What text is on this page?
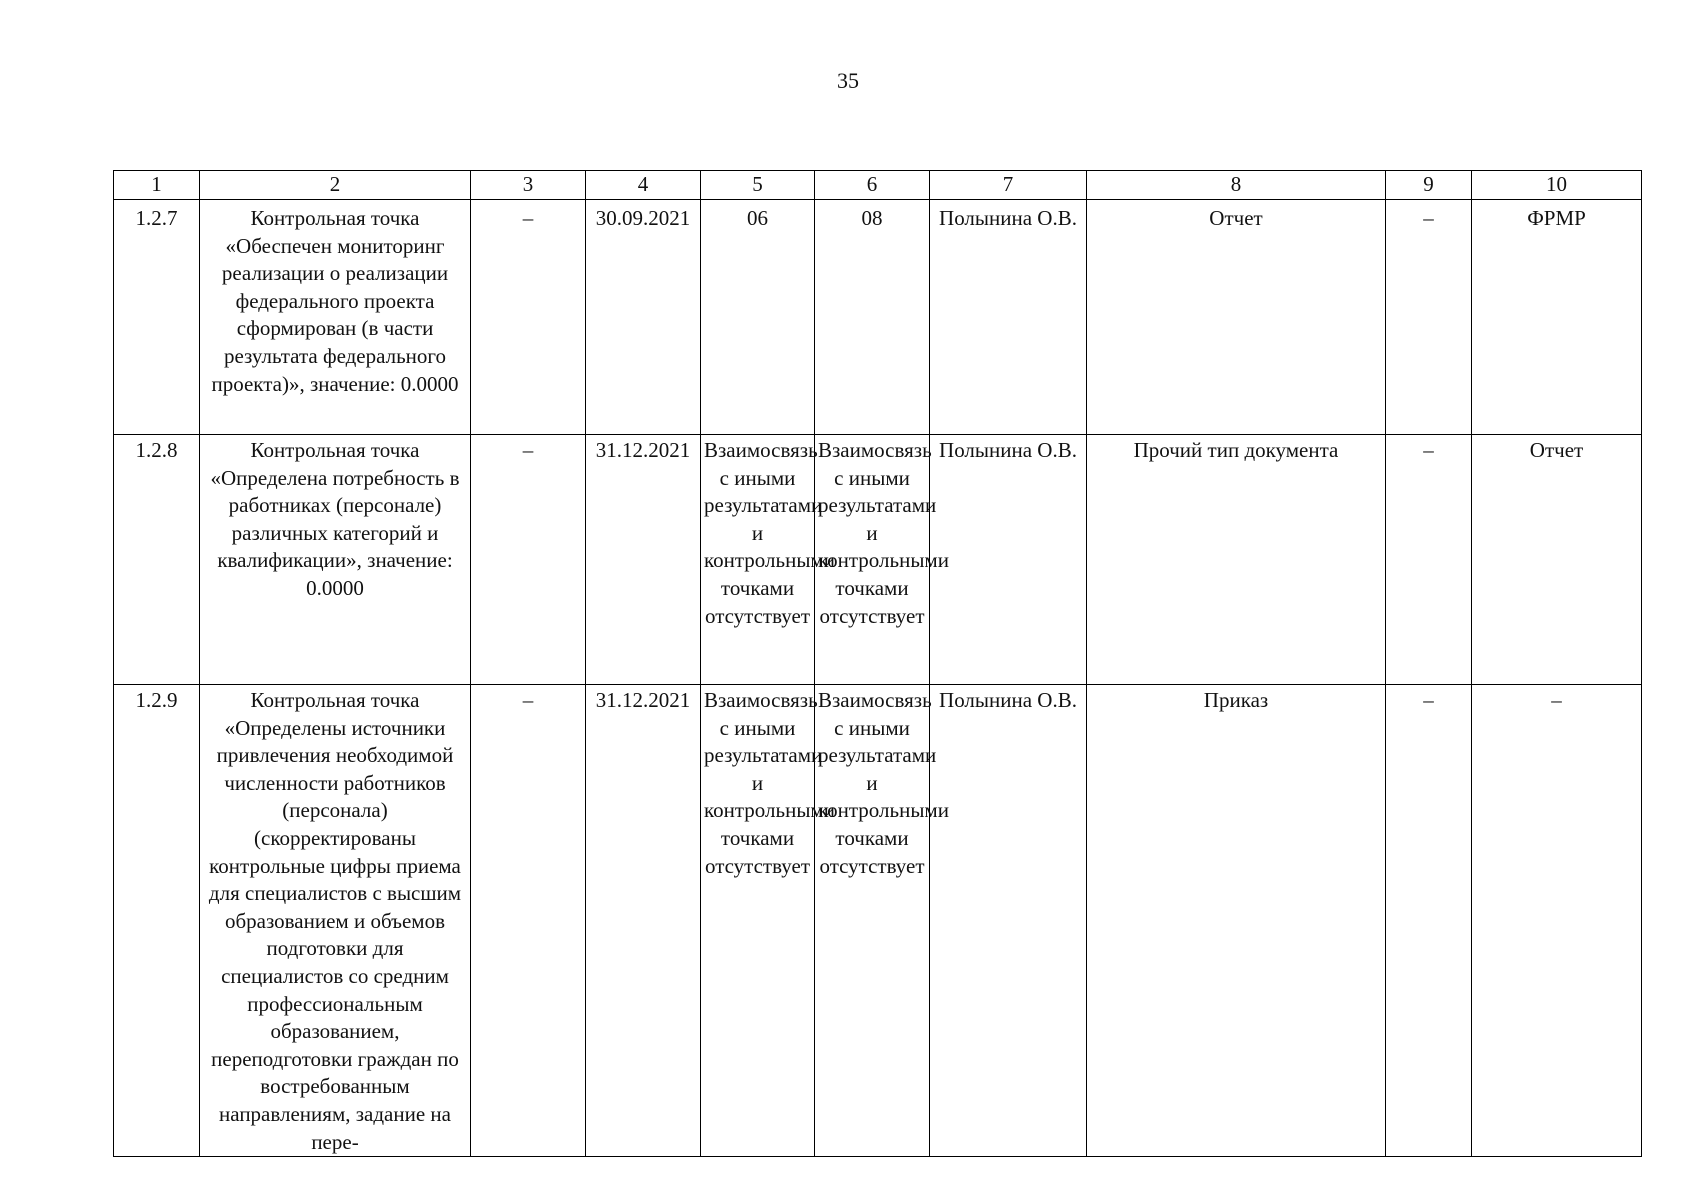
35
1	2	3	4	5	6	7	8	9	10
1.2.7	Контрольная точка «Обеспечен мониторинг реализации о реализации федерального проекта сформирован (в части результата федерального проекта)», значение: 0.0000	–	30.09.2021	06	08	Полынина О.В.	Отчет	–	ФРМР
1.2.8	Контрольная точка «Определена потребность в работниках (персонале) различных категорий и квалификации», значение: 0.0000	–	31.12.2021	Взаимосвязь с иными результатами и контрольными точками отсутствует	Взаимосвязь с иными результатами и контрольными точками отсутствует	Полынина О.В.	Прочий тип документа	–	Отчет
1.2.9	Контрольная точка «Определены источники привлечения необходимой численности работников (персонала) (скорректированы контрольные цифры приема для специалистов с высшим образованием и объемов подготовки для специалистов со средним профессиональным образованием, переподготовки граждан по востребованным направлениям, задание на пере-	–	31.12.2021	Взаимосвязь с иными результатами и контрольными точками отсутствует	Взаимосвязь с иными результатами и контрольными точками отсутствует	Полынина О.В.	Приказ	–	–
